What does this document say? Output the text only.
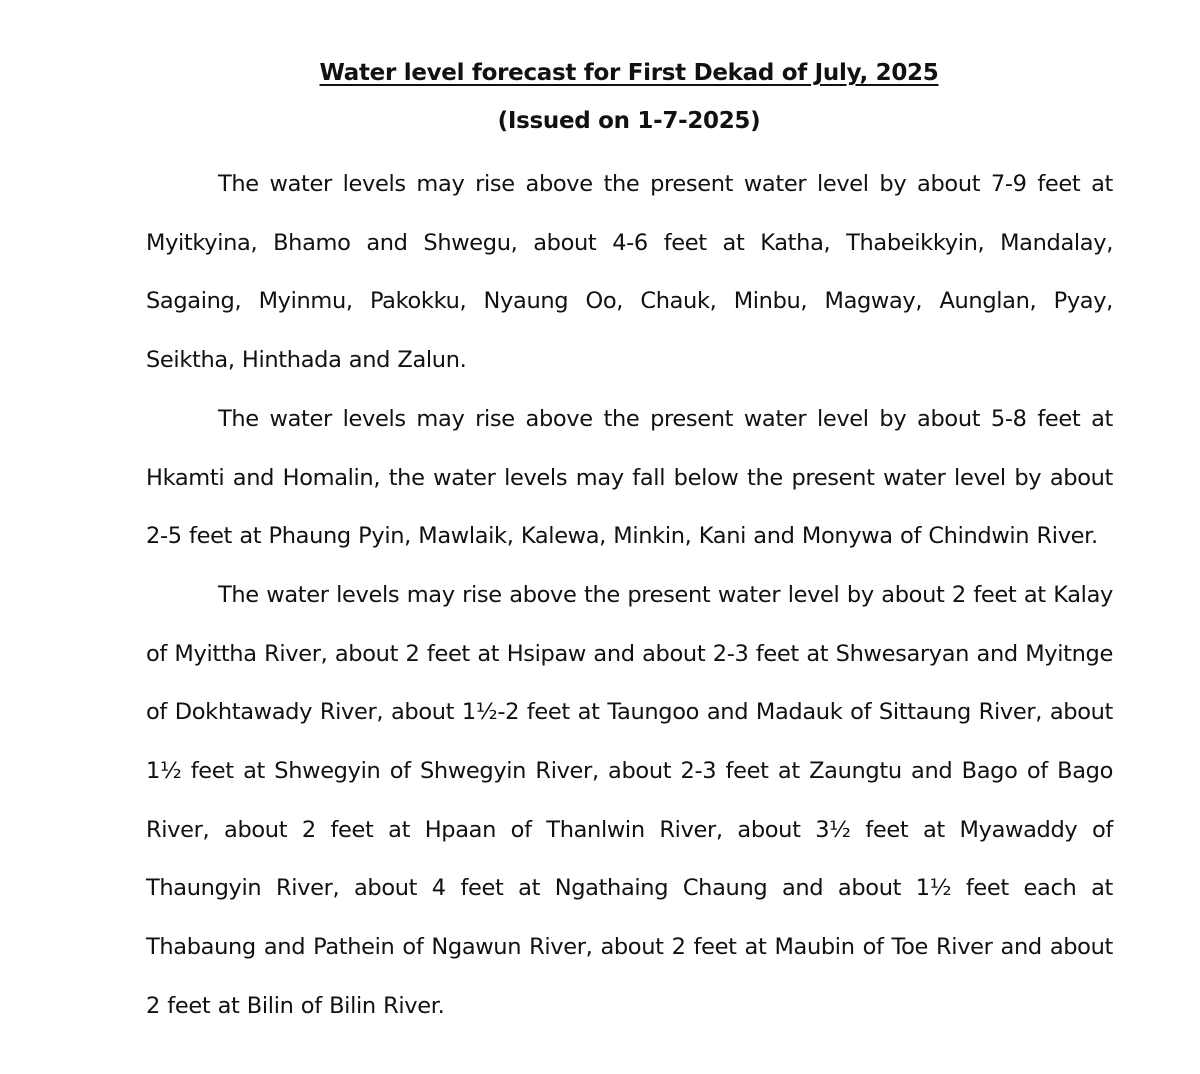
Water level forecast for First Dekad of July, 2025
(Issued on 1-7-2025)

The water levels may rise above the present water level by about 7-9 feet at Myitkyina, Bhamo and Shwegu, about 4-6 feet at Katha, Thabeikkyin, Mandalay, Sagaing, Myinmu, Pakokku, Nyaung Oo, Chauk, Minbu, Magway, Aunglan, Pyay, Seiktha, Hinthada and Zalun.

The water levels may rise above the present water level by about 5-8 feet at Hkamti and Homalin, the water levels may fall below the present water level by about 2-5 feet at Phaung Pyin, Mawlaik, Kalewa, Minkin, Kani and Monywa of Chindwin River.

The water levels may rise above the present water level by about 2 feet at Kalay of Myittha River, about 2 feet at Hsipaw and about 2-3 feet at Shwesaryan and Myitnge of Dokhtawady River, about 1½-2 feet at Taungoo and Madauk of Sittaung River, about 1½ feet at Shwegyin of Shwegyin River, about 2-3 feet at Zaungtu and Bago of Bago River, about 2 feet at Hpaan of Thanlwin River, about 3½ feet at Myawaddy of Thaungyin River, about 4 feet at Ngathaing Chaung and about 1½ feet each at Thabaung and Pathein of Ngawun River, about 2 feet at Maubin of Toe River and about 2 feet at Bilin of Bilin River.
